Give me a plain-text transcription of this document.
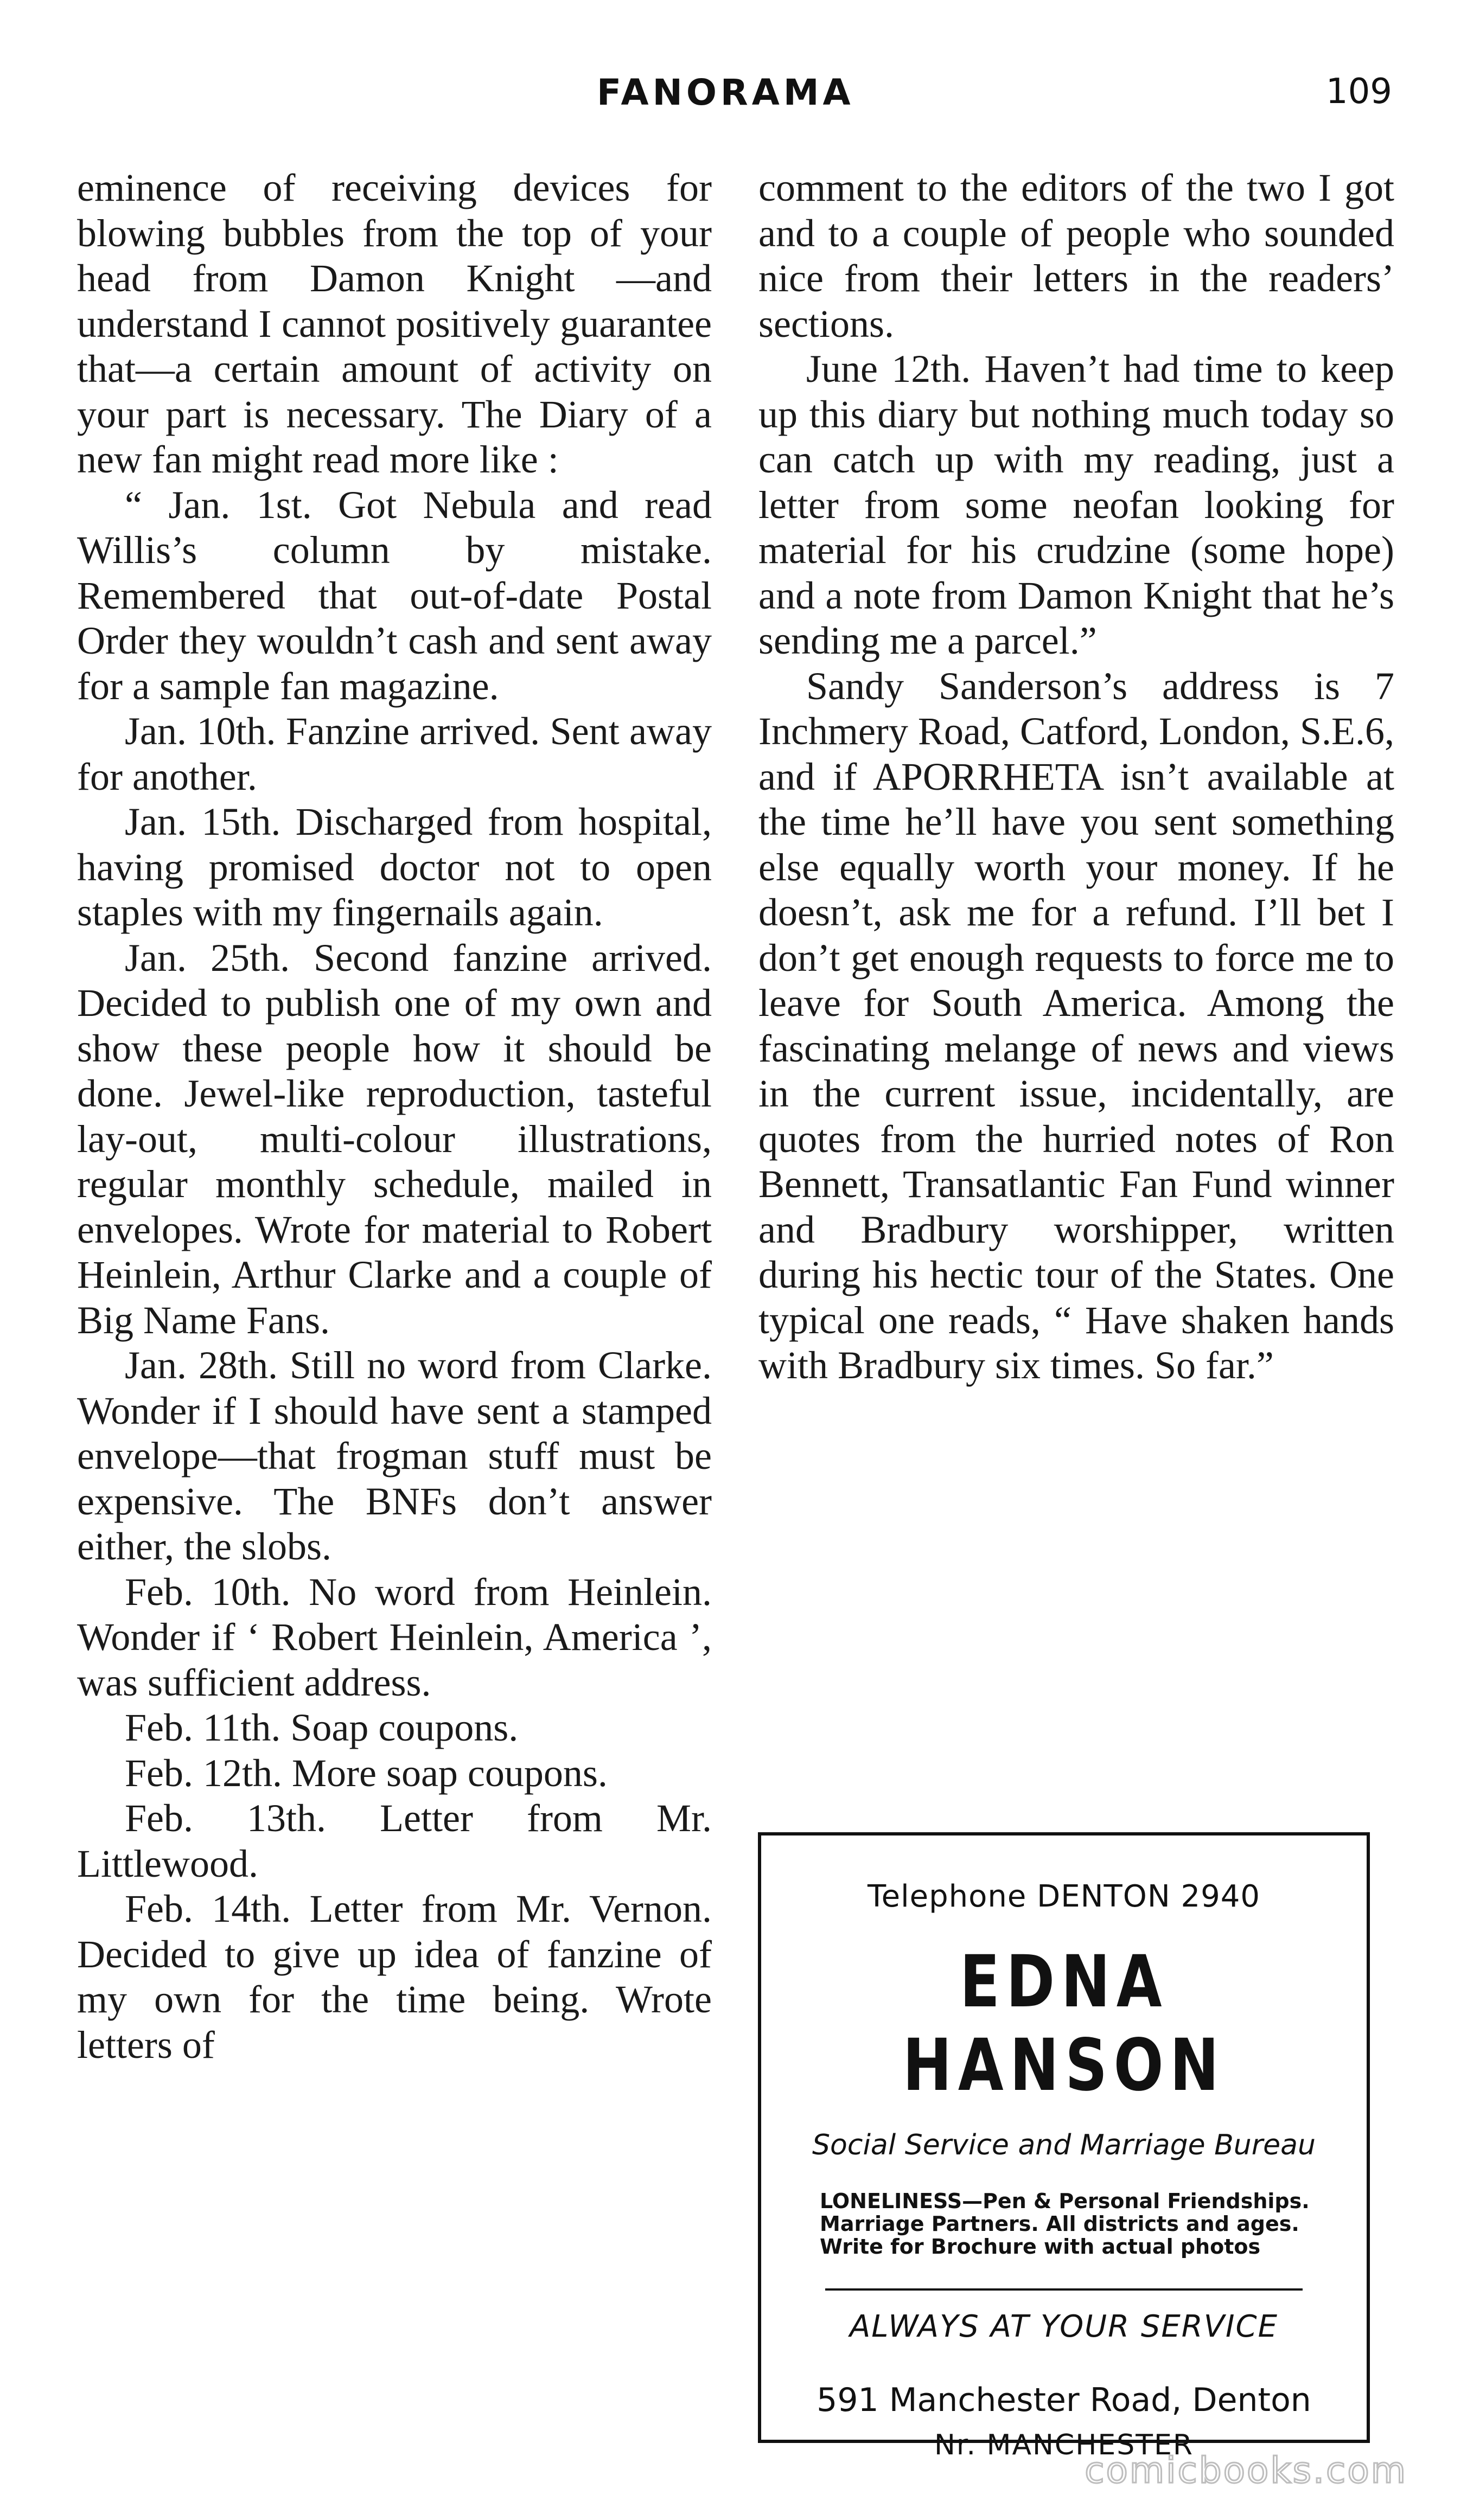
FANORAMA	109

eminence of receiving devices for blowing bubbles from the top of your head from Damon Knight —and understand I cannot positively guarantee that—a certain amount of activity on your part is necessary. The Diary of a new fan might read more like :

“ Jan. 1st. Got Nebula and read Willis’s column by mistake. Remembered that out-of-date Postal Order they wouldn’t cash and sent away for a sample fan magazine.

Jan. 10th. Fanzine arrived. Sent away for another.

Jan. 15th. Discharged from hospital, having promised doctor not to open staples with my fingernails again.

Jan. 25th. Second fanzine arrived. Decided to publish one of my own and show these people how it should be done. Jewel-like reproduction, tasteful lay-out, multi-colour illustrations, regular monthly schedule, mailed in envelopes. Wrote for material to Robert Heinlein, Arthur Clarke and a couple of Big Name Fans.

Jan. 28th. Still no word from Clarke. Wonder if I should have sent a stamped envelope—that frogman stuff must be expensive. The BNFs don’t answer either, the slobs.

Feb. 10th. No word from Heinlein. Wonder if ‘ Robert Heinlein, America ’, was sufficient address.

Feb. 11th. Soap coupons.

Feb. 12th. More soap coupons.

Feb. 13th. Letter from Mr. Littlewood.

Feb. 14th. Letter from Mr. Vernon. Decided to give up idea of fanzine of my own for the time being. Wrote letters of

comment to the editors of the two I got and to a couple of people who sounded nice from their letters in the readers’ sections.

June 12th. Haven’t had time to keep up this diary but nothing much today so can catch up with my reading, just a letter from some neofan looking for material for his crudzine (some hope) and a note from Damon Knight that he’s sending me a parcel.”

Sandy Sanderson’s address is 7 Inchmery Road, Catford, London, S.E.6, and if APORRHETA isn’t available at the time he’ll have you sent something else equally worth your money. If he doesn’t, ask me for a refund. I’ll bet I don’t get enough requests to force me to leave for South America. Among the fascinating melange of news and views in the current issue, incidentally, are quotes from the hurried notes of Ron Bennett, Transatlantic Fan Fund winner and Bradbury worshipper, written during his hectic tour of the States. One typical one reads, “ Have shaken hands with Bradbury six times. So far.”

Telephone DENTON 2940
EDNA HANSON
Social Service and Marriage Bureau
LONELINESS—Pen & Personal Friendships.
Marriage Partners. All districts and ages.
Write for Brochure with actual photos
ALWAYS AT YOUR SERVICE
591 Manchester Road, Denton
Nr. MANCHESTER
comicbooks.com
